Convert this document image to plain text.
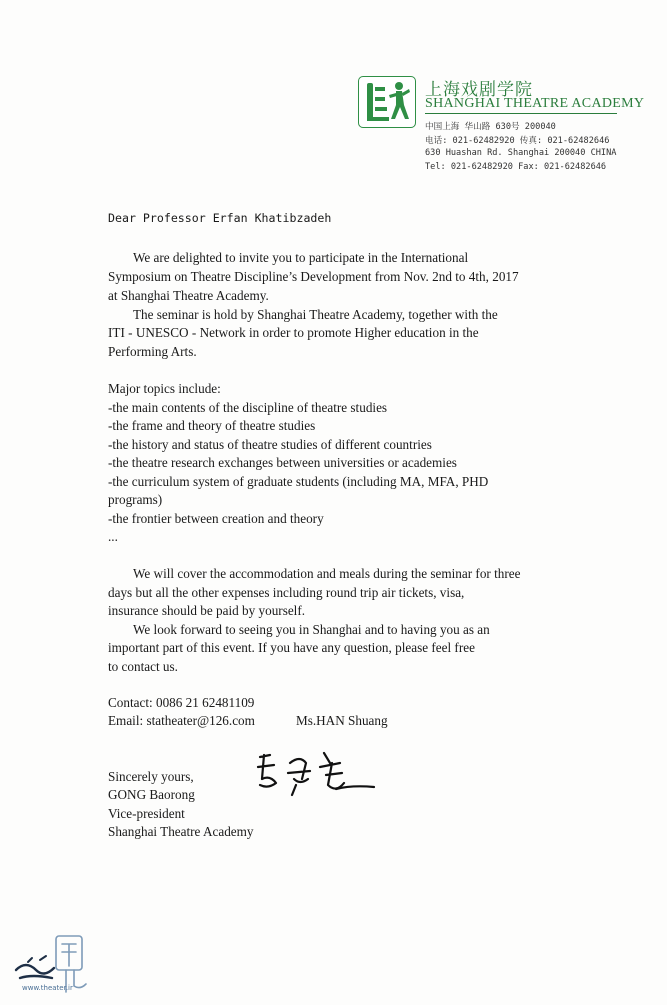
上海戏剧学院
SHANGHAI THEATRE ACADEMY
中国上海 华山路 630号 200040
电话: 021-62482920 传真: 021-62482646
630 Huashan Rd. Shanghai 200040 CHINA
Tel: 021-62482920 Fax: 021-62482646
Dear Professor Erfan Khatibzadeh
We are delighted to invite you to participate in the International
Symposium on Theatre Discipline’s Development from Nov. 2nd to 4th, 2017
at Shanghai Theatre Academy.
The seminar is hold by Shanghai Theatre Academy, together with the
ITI - UNESCO - Network in order to promote Higher education in the
Performing Arts.
Major topics include:
-the main contents of the discipline of theatre studies
-the frame and theory of theatre studies
-the history and status of theatre studies of different countries
-the theatre research exchanges between universities or academies
-the curriculum system of graduate students (including MA, MFA, PHD
programs)
-the frontier between creation and theory
...
We will cover the accommodation and meals during the seminar for three
days but all the other expenses including round trip air tickets, visa,
insurance should be paid by yourself.
We look forward to seeing you in Shanghai and to having you as an
important part of this event. If you have any question, please feel free
to contact us.
Contact: 0086 21 62481109
Email: statheater@126.com	Ms.HAN Shuang
Sincerely yours,
GONG Baorong
Vice-president
Shanghai Theatre Academy
www.theater.ir
